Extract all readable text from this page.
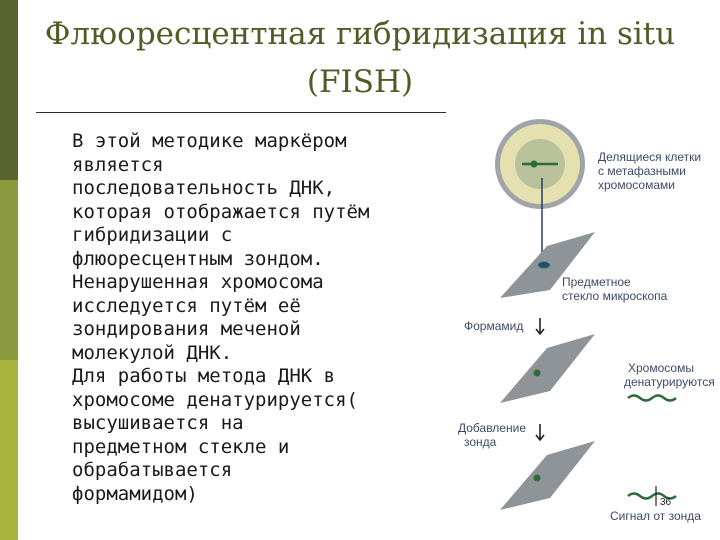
Флюоресцентная гибридизация in situ
(FISH)

В этой методике маркёром
является
последовательность ДНК,
которая отображается путём
гибридизации с
флюоресцентным зондом.
Ненарушенная хромосома
исследуется путём её
зондирования меченой
молекулой ДНК.

Для работы метода ДНК в
хромосоме денатурируется(
высушивается на
предметном стекле и
обрабатывается
формамидом)

Делящиеся клетки
с метафазными
хромосомами
Предметное
стекло микроскопа
Формамид
Хромосомы
денатурируются
Добавление
зонда
36
Сигнал от зонда
